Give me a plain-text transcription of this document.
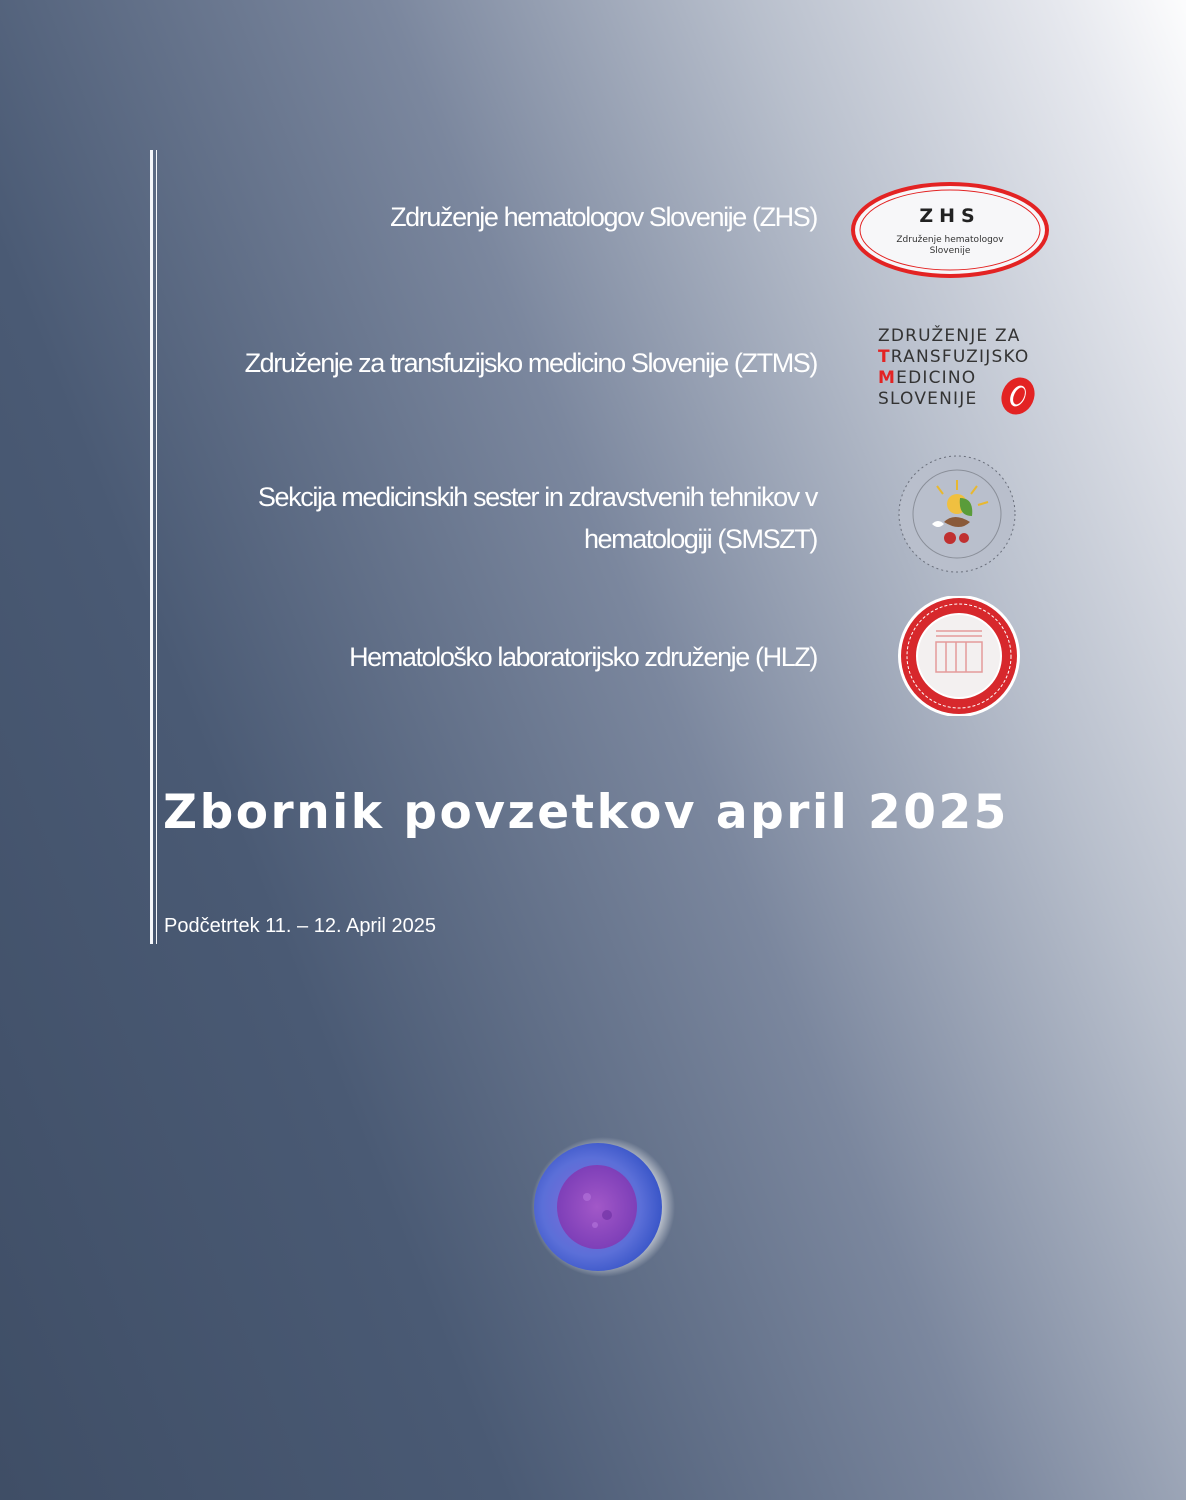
Združenje hematologov Slovenije (ZHS)	ZHS
Združenje hematologov
Slovenije
Združenje za transfuzijsko medicino Slovenije (ZTMS)
ZDRUŽENJE ZA
TRANSFUZIJSKO
MEDICINO
SLOVENIJE
Sekcija medicinskih sester in zdravstvenih tehnikov v
hematologiji (SMSZT)
Hematološko laboratorijsko združenje (HLZ)
Zbornik povzetkov april 2025
Podčetrtek 11. – 12. April 2025
